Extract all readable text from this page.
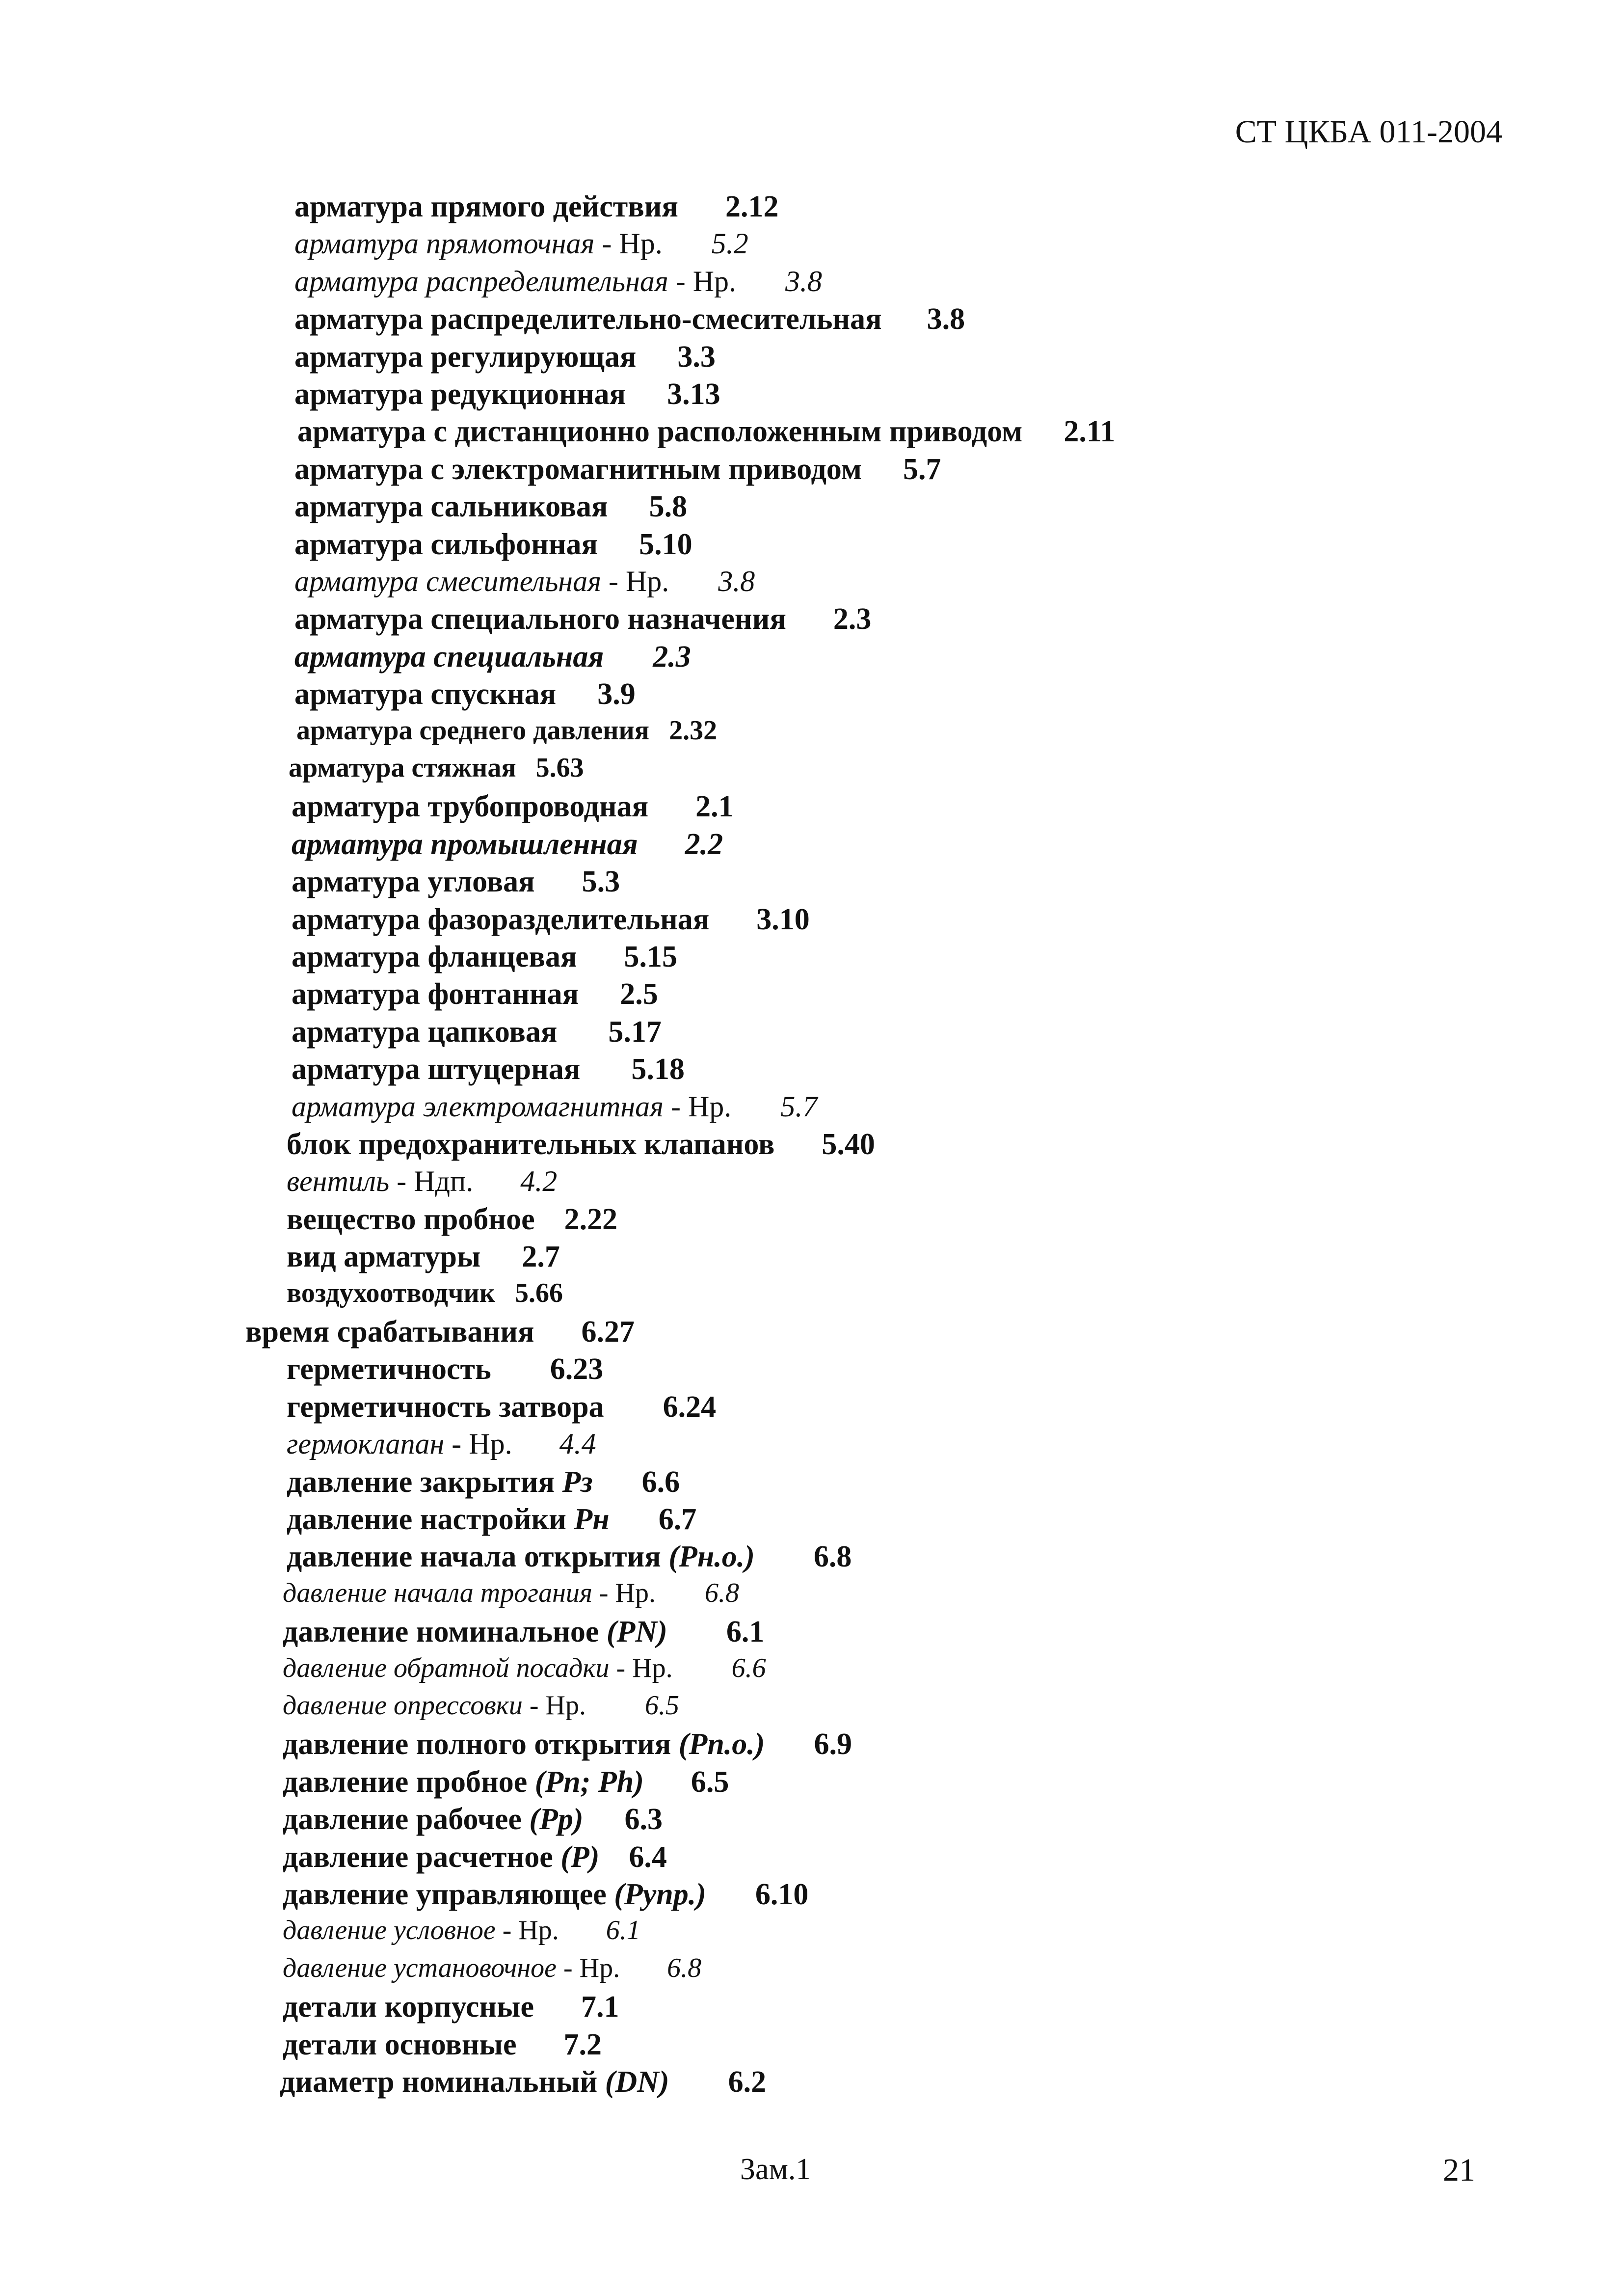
СТ ЦКБА 011-2004
арматура прямого действия 2.12
арматура прямоточная - Нр. 5.2
арматура распределительная - Нр. 3.8
арматура распределительно-смесительная 3.8
арматура регулирующая 3.3
арматура редукционная 3.13
арматура с дистанционно расположенным приводом 2.11
арматура с электромагнитным приводом 5.7
арматура сальниковая 5.8
арматура сильфонная 5.10
арматура смесительная - Нр. 3.8
арматура специального назначения 2.3
арматура специальная 2.3
арматура спускная 3.9
арматура среднего давления 2.32
арматура стяжная 5.63
арматура трубопроводная 2.1
арматура промышленная 2.2
арматура угловая 5.3
арматура фазоразделительная 3.10
арматура фланцевая 5.15
арматура фонтанная 2.5
арматура цапковая 5.17
арматура штуцерная 5.18
арматура электромагнитная - Нр. 5.7
блок предохранительных клапанов 5.40
вентиль - Ндп. 4.2
вещество пробное 2.22
вид арматуры 2.7
воздухоотводчик 5.66
время срабатывания 6.27
герметичность 6.23
герметичность затвора 6.24
гермоклапан - Нр. 4.4
давление закрытия Рз 6.6
давление настройки Рн 6.7
давление начала открытия (Рн.о.) 6.8
давление начала трогания - Нр. 6.8
давление номинальное (PN) 6.1
давление обратной посадки - Нр. 6.6
давление опрессовки - Нр. 6.5
давление полного открытия (Рп.о.) 6.9
давление пробное (Рп; Ph) 6.5
давление рабочее (Рр) 6.3
давление расчетное (Р) 6.4
давление управляющее (Рупр.) 6.10
давление условное - Нр. 6.1
давление установочное - Нр. 6.8
детали корпусные 7.1
детали основные 7.2
диаметр номинальный (DN) 6.2
Зам.1	21
